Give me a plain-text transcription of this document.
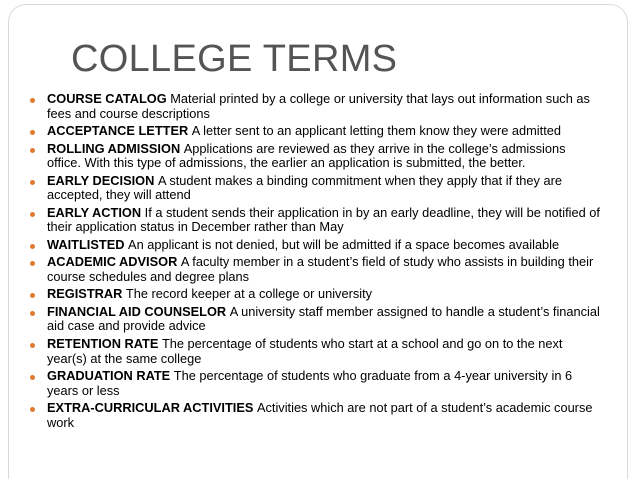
COLLEGE TERMS
COURSE CATALOG Material printed by a college or university that lays out information such as fees and course descriptions
ACCEPTANCE LETTER A letter sent to an applicant letting them know they were admitted
ROLLING ADMISSION Applications are reviewed as they arrive in the college’s admissions office. With this type of admissions, the earlier an application is submitted, the better.
EARLY DECISION A student makes a binding commitment when they apply that if they are accepted, they will attend
EARLY ACTION If a student sends their application in by an early deadline, they will be notified of their application status in December rather than May
WAITLISTED An applicant is not denied, but will be admitted if a space becomes available
ACADEMIC ADVISOR A faculty member in a student’s field of study who assists in building their course schedules and degree plans
REGISTRAR The record keeper at a college or university
FINANCIAL AID COUNSELOR A university staff member assigned to handle a student’s financial aid case and provide advice
RETENTION RATE The percentage of students who start at a school and go on to the next year(s) at the same college
GRADUATION RATE The percentage of students who graduate from a 4-year university in 6 years or less
EXTRA-CURRICULAR ACTIVITIES Activities which are not part of a student’s academic course work
